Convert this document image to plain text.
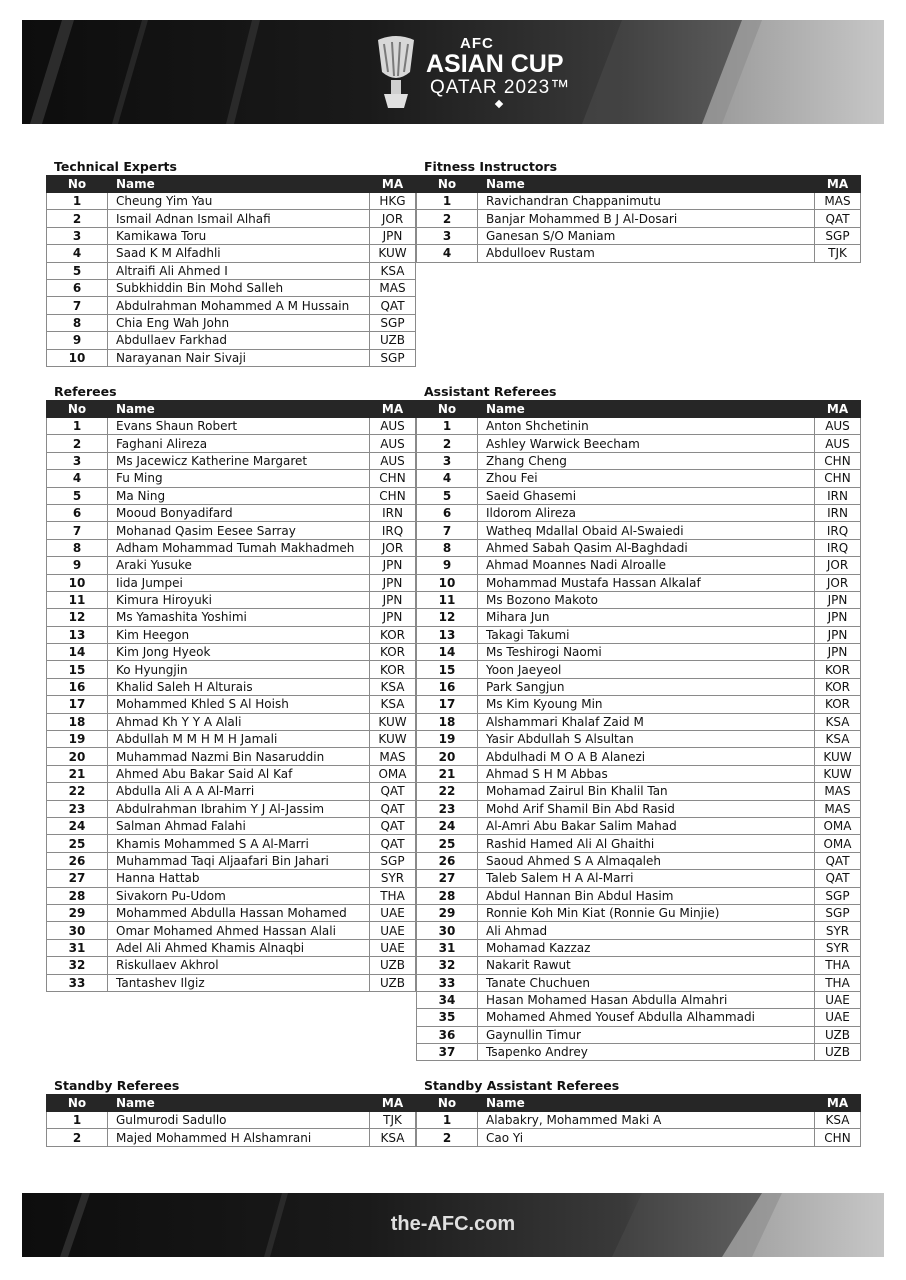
AFC
ASIAN CUP
QATAR 2023™
Technical Experts
No	Name	MA
1	Cheung Yim Yau	HKG
2	Ismail Adnan Ismail Alhafi	JOR
3	Kamikawa Toru	JPN
4	Saad K M Alfadhli	KUW
5	Altraifi Ali Ahmed I	KSA
6	Subkhiddin Bin Mohd Salleh	MAS
7	Abdulrahman Mohammed A M Hussain	QAT
8	Chia Eng Wah John	SGP
9	Abdullaev Farkhad	UZB
10	Narayanan Nair Sivaji	SGP
Fitness Instructors
No	Name	MA
1	Ravichandran Chappanimutu	MAS
2	Banjar Mohammed B J Al-Dosari	QAT
3	Ganesan S/O Maniam	SGP
4	Abdulloev Rustam	TJK
Referees
No	Name	MA
1	Evans Shaun Robert	AUS
2	Faghani Alireza	AUS
3	Ms Jacewicz Katherine Margaret	AUS
4	Fu Ming	CHN
5	Ma Ning	CHN
6	Mooud Bonyadifard	IRN
7	Mohanad Qasim Eesee Sarray	IRQ
8	Adham Mohammad Tumah Makhadmeh	JOR
9	Araki Yusuke	JPN
10	Iida Jumpei	JPN
11	Kimura Hiroyuki	JPN
12	Ms Yamashita Yoshimi	JPN
13	Kim Heegon	KOR
14	Kim Jong Hyeok	KOR
15	Ko Hyungjin	KOR
16	Khalid Saleh H Alturais	KSA
17	Mohammed Khled S Al Hoish	KSA
18	Ahmad Kh Y Y A Alali	KUW
19	Abdullah M M H M H Jamali	KUW
20	Muhammad Nazmi Bin Nasaruddin	MAS
21	Ahmed Abu Bakar Said Al Kaf	OMA
22	Abdulla Ali A A Al-Marri	QAT
23	Abdulrahman Ibrahim Y J Al-Jassim	QAT
24	Salman Ahmad Falahi	QAT
25	Khamis Mohammed S A Al-Marri	QAT
26	Muhammad Taqi Aljaafari Bin Jahari	SGP
27	Hanna Hattab	SYR
28	Sivakorn Pu-Udom	THA
29	Mohammed Abdulla Hassan Mohamed	UAE
30	Omar Mohamed Ahmed Hassan Alali	UAE
31	Adel Ali Ahmed Khamis Alnaqbi	UAE
32	Riskullaev Akhrol	UZB
33	Tantashev Ilgiz	UZB
Assistant Referees
No	Name	MA
1	Anton Shchetinin	AUS
2	Ashley Warwick Beecham	AUS
3	Zhang Cheng	CHN
4	Zhou Fei	CHN
5	Saeid Ghasemi	IRN
6	Ildorom Alireza	IRN
7	Watheq Mdallal Obaid Al-Swaiedi	IRQ
8	Ahmed Sabah Qasim Al-Baghdadi	IRQ
9	Ahmad Moannes Nadi Alroalle	JOR
10	Mohammad Mustafa Hassan Alkalaf	JOR
11	Ms Bozono Makoto	JPN
12	Mihara Jun	JPN
13	Takagi Takumi	JPN
14	Ms Teshirogi Naomi	JPN
15	Yoon Jaeyeol	KOR
16	Park Sangjun	KOR
17	Ms Kim Kyoung Min	KOR
18	Alshammari Khalaf Zaid M	KSA
19	Yasir Abdullah S Alsultan	KSA
20	Abdulhadi M O A B Alanezi	KUW
21	Ahmad S H M Abbas	KUW
22	Mohamad Zairul Bin Khalil Tan	MAS
23	Mohd Arif Shamil Bin Abd Rasid	MAS
24	Al-Amri Abu Bakar Salim Mahad	OMA
25	Rashid Hamed Ali Al Ghaithi	OMA
26	Saoud Ahmed S A Almaqaleh	QAT
27	Taleb Salem H A Al-Marri	QAT
28	Abdul Hannan Bin Abdul Hasim	SGP
29	Ronnie Koh Min Kiat (Ronnie Gu Minjie)	SGP
30	Ali Ahmad	SYR
31	Mohamad Kazzaz	SYR
32	Nakarit Rawut	THA
33	Tanate Chuchuen	THA
34	Hasan Mohamed Hasan Abdulla Almahri	UAE
35	Mohamed Ahmed Yousef Abdulla Alhammadi	UAE
36	Gaynullin Timur	UZB
37	Tsapenko Andrey	UZB
Standby Referees
No	Name	MA
1	Gulmurodi Sadullo	TJK
2	Majed Mohammed H Alshamrani	KSA
Standby Assistant Referees
No	Name	MA
1	Alabakry, Mohammed Maki A	KSA
2	Cao Yi	CHN
the-AFC.com
